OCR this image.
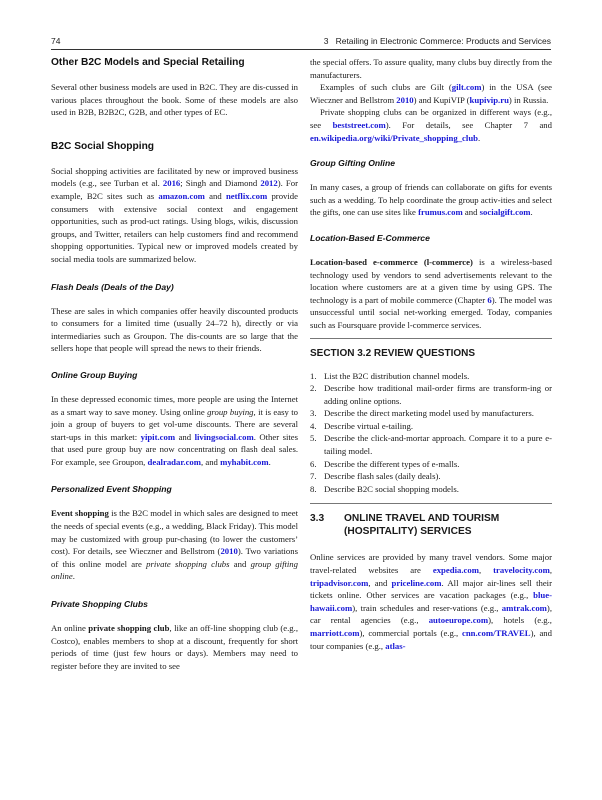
74	3   Retailing in Electronic Commerce: Products and Services
Other B2C Models and Special Retailing

Several other business models are used in B2C. They are dis-cussed in various places throughout the book. Some of these models are also used in B2B, B2B2C, G2B, and other types of EC.

B2C Social Shopping

Social shopping activities are facilitated by new or improved business models (e.g., see Turban et al. 2016; Singh and Diamond 2012). For example, B2C sites such as amazon.com and netflix.com provide consumers with extensive social context and engagement opportunities, such as prod-uct ratings. Using blogs, wikis, discussion groups, and Twitter, retailers can help customers find and recommend shopping opportunities. Typical new or improved models created by social media tools are summarized below.

Flash Deals (Deals of the Day)

These are sales in which companies offer heavily discounted products to consumers for a limited time (usually 24–72 h), directly or via intermediaries such as Groupon. The dis-counts are so large that the sellers hope that people will spread the news to their friends.

Online Group Buying

In these depressed economic times, more people are using the Internet as a smart way to save money. Using online group buying, it is easy to join a group of buyers to get vol-ume discounts. There are several start-ups in this market: yipit.com and livingsocial.com. Other sites that used pure group buy are now concentrating on flash deal sales. For example, see Groupon, dealradar.com, and myhabit.com.

Personalized Event Shopping

Event shopping is the B2C model in which sales are designed to meet the needs of special events (e.g., a wedding, Black Friday). This model may be customized with group pur-chasing (to lower the customers’ cost). For details, see Wieczner and Bellstrom (2010). Two variations of this online model are private shopping clubs and group gifting online.

Private Shopping Clubs

An online private shopping club, like an off-line shopping club (e.g., Costco), enables members to shop at a discount, frequently for short periods of time (just few hours or days). Members may need to register before they are invited to see

the special offers. To assure quality, many clubs buy directly from the manufacturers.

Examples of such clubs are Gilt (gilt.com) in the USA (see Wieczner and Bellstrom 2010) and KupiVIP (kupivip.ru) in Russia.

Private shopping clubs can be organized in different ways (e.g., see beststreet.com). For details, see Chapter 7 and en.wikipedia.org/wiki/Private_shopping_club.

Group Gifting Online

In many cases, a group of friends can collaborate on gifts for events such as a wedding. To help coordinate the group activ-ities and select the gifts, one can use sites like frumus.com and socialgift.com.

Location-Based E-Commerce

Location-based e-commerce (l-commerce) is a wireless-based technology used by vendors to send advertisements relevant to the location where customers are at a given time by using GPS. The technology is a part of mobile commerce (Chapter 6). The model was unsuccessful until social net-working emerged. Today, companies such as Foursquare provide l-commerce services.

SECTION 3.2 REVIEW QUESTIONS
1. List the B2C distribution channel models.
2. Describe how traditional mail-order firms are transform-ing or adding online options.
3. Describe the direct marketing model used by manufacturers.
4. Describe virtual e-tailing.
5. Describe the click-and-mortar approach. Compare it to a pure e-tailing model.
6. Describe the different types of e-malls.
7. Describe flash sales (daily deals).
8. Describe B2C social shopping models.
3.3 ONLINE TRAVEL AND TOURISM (HOSPITALITY) SERVICES

Online services are provided by many travel vendors. Some major travel-related websites are expedia.com, travelocity.com, tripadvisor.com, and priceline.com. All major air-lines sell their tickets online. Other services are vacation packages (e.g., blue-hawaii.com), train schedules and reser-vations (e.g., amtrak.com), car rental agencies (e.g., autoeurope.com), hotels (e.g., marriott.com), commercial portals (e.g., cnn.com/TRAVEL), and tour companies (e.g., atlas-
